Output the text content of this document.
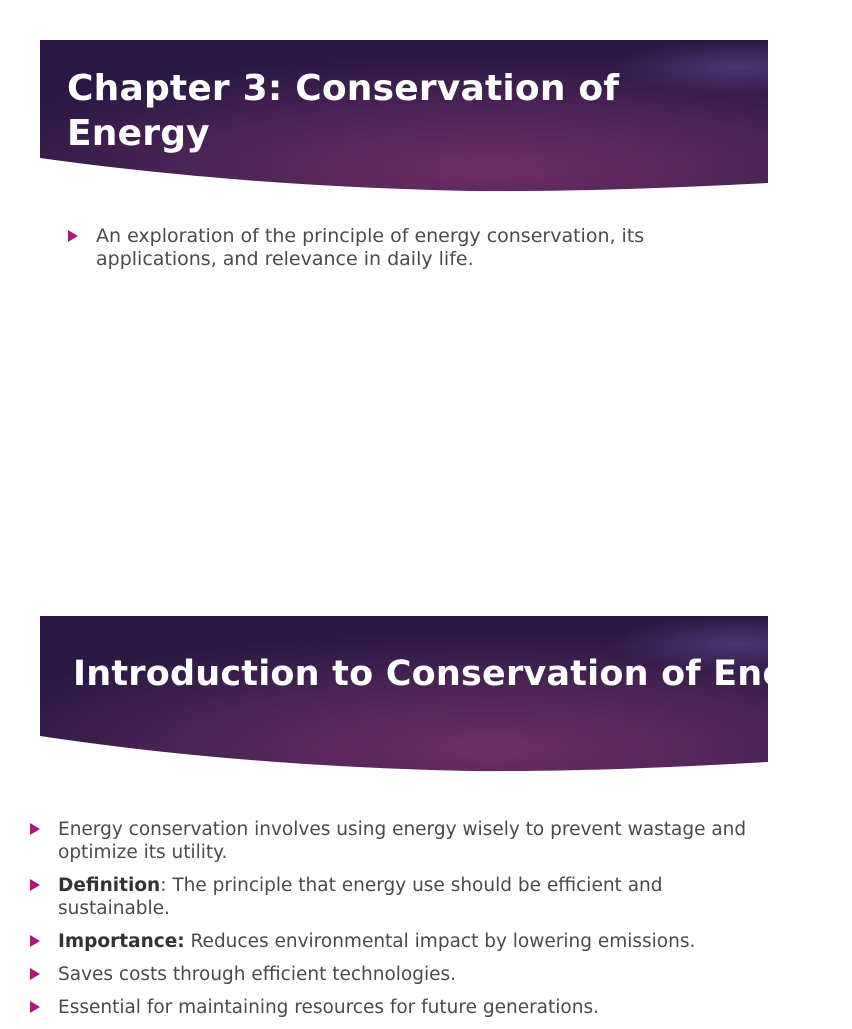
Chapter 3: Conservation of Energy
An exploration of the principle of energy conservation, its applications, and relevance in daily life.
Introduction to Conservation of Energy
Energy conservation involves using energy wisely to prevent wastage and optimize its utility.
Definition: The principle that energy use should be efficient and sustainable.
Importance: Reduces environmental impact by lowering emissions.
Saves costs through efficient technologies.
Essential for maintaining resources for future generations.
